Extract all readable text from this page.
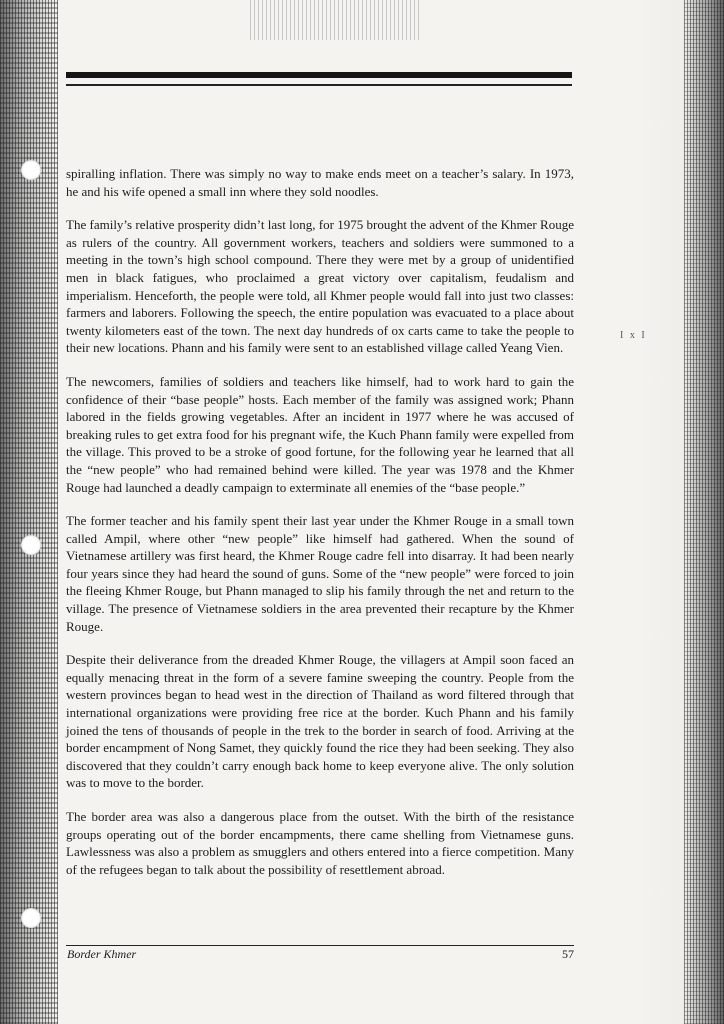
I x I

spiralling inflation. There was simply no way to make ends meet on a teacher’s salary. In 1973, he and his wife opened a small inn where they sold noodles.

The family’s relative prosperity didn’t last long, for 1975 brought the advent of the Khmer Rouge as rulers of the country. All government workers, teachers and soldiers were summoned to a meeting in the town’s high school compound. There they were met by a group of unidentified men in black fatigues, who proclaimed a great victory over capitalism, feudalism and imperialism. Henceforth, the people were told, all Khmer people would fall into just two classes: farmers and laborers. Following the speech, the entire population was evacuated to a place about twenty kilometers east of the town. The next day hundreds of ox carts came to take the people to their new locations. Phann and his family were sent to an established village called Yeang Vien.

The newcomers, families of soldiers and teachers like himself, had to work hard to gain the confidence of their “base people” hosts. Each member of the family was assigned work; Phann labored in the fields growing vegetables. After an incident in 1977 where he was accused of breaking rules to get extra food for his pregnant wife, the Kuch Phann family were expelled from the village. This proved to be a stroke of good fortune, for the following year he learned that all the “new people” who had remained behind were killed. The year was 1978 and the Khmer Rouge had launched a deadly campaign to exterminate all enemies of the “base people.”

The former teacher and his family spent their last year under the Khmer Rouge in a small town called Ampil, where other “new people” like himself had gathered. When the sound of Vietnamese artillery was first heard, the Khmer Rouge cadre fell into disarray. It had been nearly four years since they had heard the sound of guns. Some of the “new people” were forced to join the fleeing Khmer Rouge, but Phann managed to slip his family through the net and return to the village. The presence of Vietnamese soldiers in the area prevented their recapture by the Khmer Rouge.

Despite their deliverance from the dreaded Khmer Rouge, the villagers at Ampil soon faced an equally menacing threat in the form of a severe famine sweeping the country. People from the western provinces began to head west in the direction of Thailand as word filtered through that international organizations were providing free rice at the border. Kuch Phann and his family joined the tens of thousands of people in the trek to the border in search of food. Arriving at the border encampment of Nong Samet, they quickly found the rice they had been seeking. They also discovered that they couldn’t carry enough back home to keep everyone alive. The only solution was to move to the border.

The border area was also a dangerous place from the outset. With the birth of the resistance groups operating out of the border encampments, there came shelling from Vietnamese guns. Lawlessness was also a problem as smugglers and others entered into a fierce competition. Many of the refugees began to talk about the possibility of resettlement abroad.

Border Khmer	57
